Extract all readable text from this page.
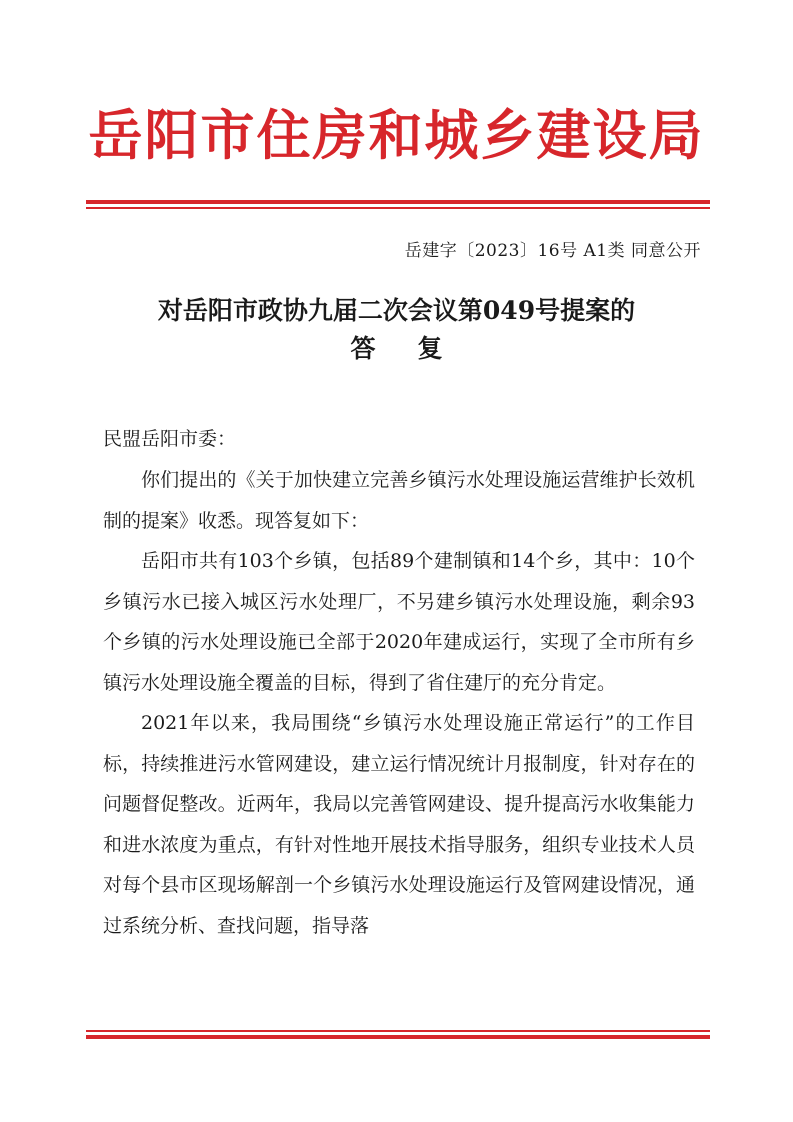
岳阳市住房和城乡建设局
岳建字〔2023〕16号 A1类 同意公开
对岳阳市政协九届二次会议第049号提案的
答复
民盟岳阳市委：

你们提出的《关于加快建立完善乡镇污水处理设施运营维护长效机制的提案》收悉。现答复如下：

岳阳市共有103个乡镇，包括89个建制镇和14个乡，其中：10个乡镇污水已接入城区污水处理厂，不另建乡镇污水处理设施，剩余93个乡镇的污水处理设施已全部于2020年建成运行，实现了全市所有乡镇污水处理设施全覆盖的目标，得到了省住建厅的充分肯定。

2021年以来，我局围绕“乡镇污水处理设施正常运行”的工作目标，持续推进污水管网建设，建立运行情况统计月报制度，针对存在的问题督促整改。近两年，我局以完善管网建设、提升提高污水收集能力和进水浓度为重点，有针对性地开展技术指导服务，组织专业技术人员对每个县市区现场解剖一个乡镇污水处理设施运行及管网建设情况，通过系统分析、查找问题，指导落
